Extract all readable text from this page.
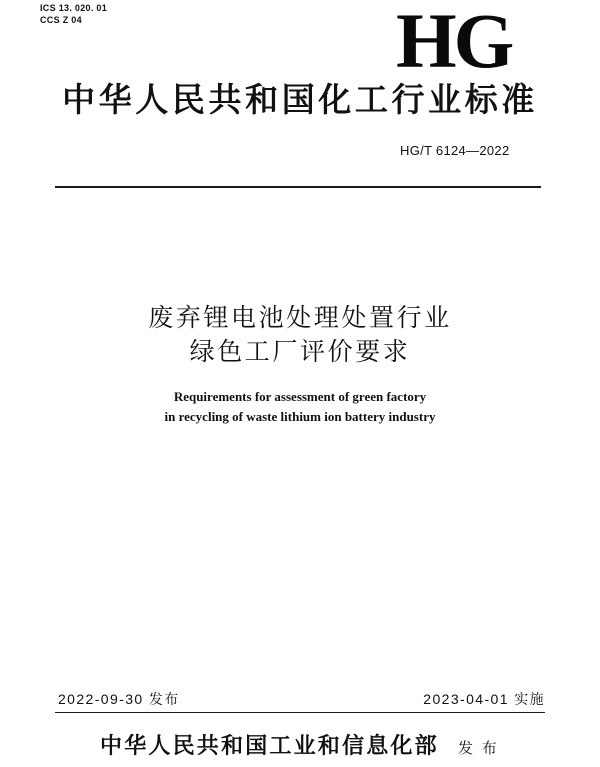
ICS 13. 020. 01
CCS Z 04	HG
中华人民共和国化工行业标准
HG/T 6124—2022
废弃锂电池处理处置行业
绿色工厂评价要求
Requirements for assessment of green factory
in recycling of waste lithium ion battery industry
2022-09-30 发布	2023-04-01 实施
中华人民共和国工业和信息化部 发 布
